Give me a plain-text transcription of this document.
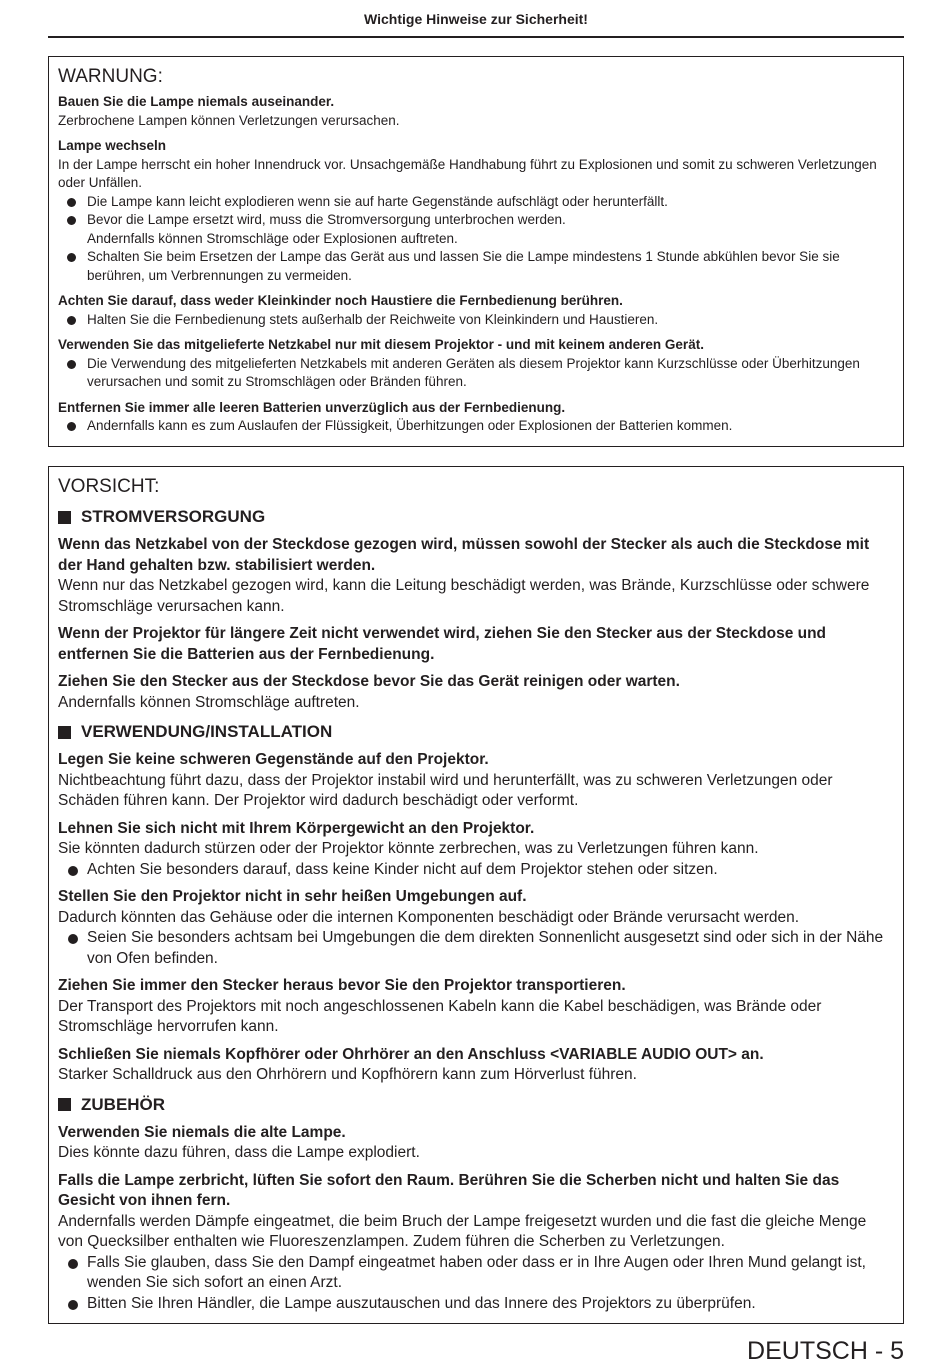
Wichtige Hinweise zur Sicherheit!
WARNUNG:
Bauen Sie die Lampe niemals auseinander.
Zerbrochene Lampen können Verletzungen verursachen.
Lampe wechseln
In der Lampe herrscht ein hoher Innendruck vor. Unsachgemäße Handhabung führt zu Explosionen und somit zu schweren Verletzungen oder Unfällen.
Die Lampe kann leicht explodieren wenn sie auf harte Gegenstände aufschlägt oder herunterfällt.
Bevor die Lampe ersetzt wird, muss die Stromversorgung unterbrochen werden.
Andernfalls können Stromschläge oder Explosionen auftreten.
Schalten Sie beim Ersetzen der Lampe das Gerät aus und lassen Sie die Lampe mindestens 1 Stunde abkühlen bevor Sie sie berühren, um Verbrennungen zu vermeiden.
Achten Sie darauf, dass weder Kleinkinder noch Haustiere die Fernbedienung berühren.
Halten Sie die Fernbedienung stets außerhalb der Reichweite von Kleinkindern und Haustieren.
Verwenden Sie das mitgelieferte Netzkabel nur mit diesem Projektor - und mit keinem anderen Gerät.
Die Verwendung des mitgelieferten Netzkabels mit anderen Geräten als diesem Projektor kann Kurzschlüsse oder Überhitzungen verursachen und somit zu Stromschlägen oder Bränden führen.
Entfernen Sie immer alle leeren Batterien unverzüglich aus der Fernbedienung.
Andernfalls kann es zum Auslaufen der Flüssigkeit, Überhitzungen oder Explosionen der Batterien kommen.
VORSICHT:
STROMVERSORGUNG
Wenn das Netzkabel von der Steckdose gezogen wird, müssen sowohl der Stecker als auch die Steckdose mit der Hand gehalten bzw. stabilisiert werden.
Wenn nur das Netzkabel gezogen wird, kann die Leitung beschädigt werden, was Brände, Kurzschlüsse oder schwere Stromschläge verursachen kann.
Wenn der Projektor für längere Zeit nicht verwendet wird, ziehen Sie den Stecker aus der Steckdose und entfernen Sie die Batterien aus der Fernbedienung.
Ziehen Sie den Stecker aus der Steckdose bevor Sie das Gerät reinigen oder warten.
Andernfalls können Stromschläge auftreten.
VERWENDUNG/INSTALLATION
Legen Sie keine schweren Gegenstände auf den Projektor.
Nichtbeachtung führt dazu, dass der Projektor instabil wird und herunterfällt, was zu schweren Verletzungen oder Schäden führen kann. Der Projektor wird dadurch beschädigt oder verformt.
Lehnen Sie sich nicht mit Ihrem Körpergewicht an den Projektor.
Sie könnten dadurch stürzen oder der Projektor könnte zerbrechen, was zu Verletzungen führen kann.
Achten Sie besonders darauf, dass keine Kinder nicht auf dem Projektor stehen oder sitzen.
Stellen Sie den Projektor nicht in sehr heißen Umgebungen auf.
Dadurch könnten das Gehäuse oder die internen Komponenten beschädigt oder Brände verursacht werden.
Seien Sie besonders achtsam bei Umgebungen die dem direkten Sonnenlicht ausgesetzt sind oder sich in der Nähe von Ofen befinden.
Ziehen Sie immer den Stecker heraus bevor Sie den Projektor transportieren.
Der Transport des Projektors mit noch angeschlossenen Kabeln kann die Kabel beschädigen, was Brände oder Stromschläge hervorrufen kann.
Schließen Sie niemals Kopfhörer oder Ohrhörer an den Anschluss <VARIABLE AUDIO OUT> an.
Starker Schalldruck aus den Ohrhörern und Kopfhörern kann zum Hörverlust führen.
ZUBEHÖR
Verwenden Sie niemals die alte Lampe.
Dies könnte dazu führen, dass die Lampe explodiert.
Falls die Lampe zerbricht, lüften Sie sofort den Raum. Berühren Sie die Scherben nicht und halten Sie das Gesicht von ihnen fern.
Andernfalls werden Dämpfe eingeatmet, die beim Bruch der Lampe freigesetzt wurden und die fast die gleiche Menge von Quecksilber enthalten wie Fluoreszenzlampen. Zudem führen die Scherben zu Verletzungen.
Falls Sie glauben, dass Sie den Dampf eingeatmet haben oder dass er in Ihre Augen oder Ihren Mund gelangt ist, wenden Sie sich sofort an einen Arzt.
Bitten Sie Ihren Händler, die Lampe auszutauschen und das Innere des Projektors zu überprüfen.
DEUTSCH - 5
